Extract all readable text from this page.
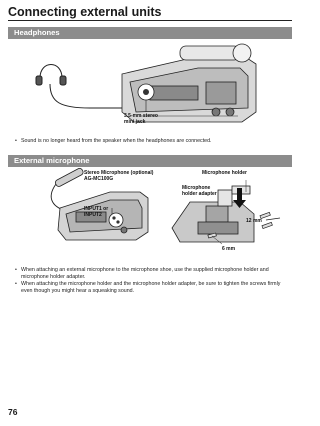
Connecting external units
Headphones
3.5-mm stereo
mini jack
• Sound is no longer heard from the speaker when the headphones are connected.
External microphone
Stereo Microphone (optional)
AG-MC100G
INPUT1 or
INPUT2
Microphone holder
Microphone
holder adapter
12 mm
6 mm
• When attaching an external microphone to the microphone shoe, use the supplied microphone holder and microphone holder adapter.
• When attaching the microphone holder and the microphone holder adapter, be sure to tighten the screws firmly even though you might hear a squeaking sound.
76
